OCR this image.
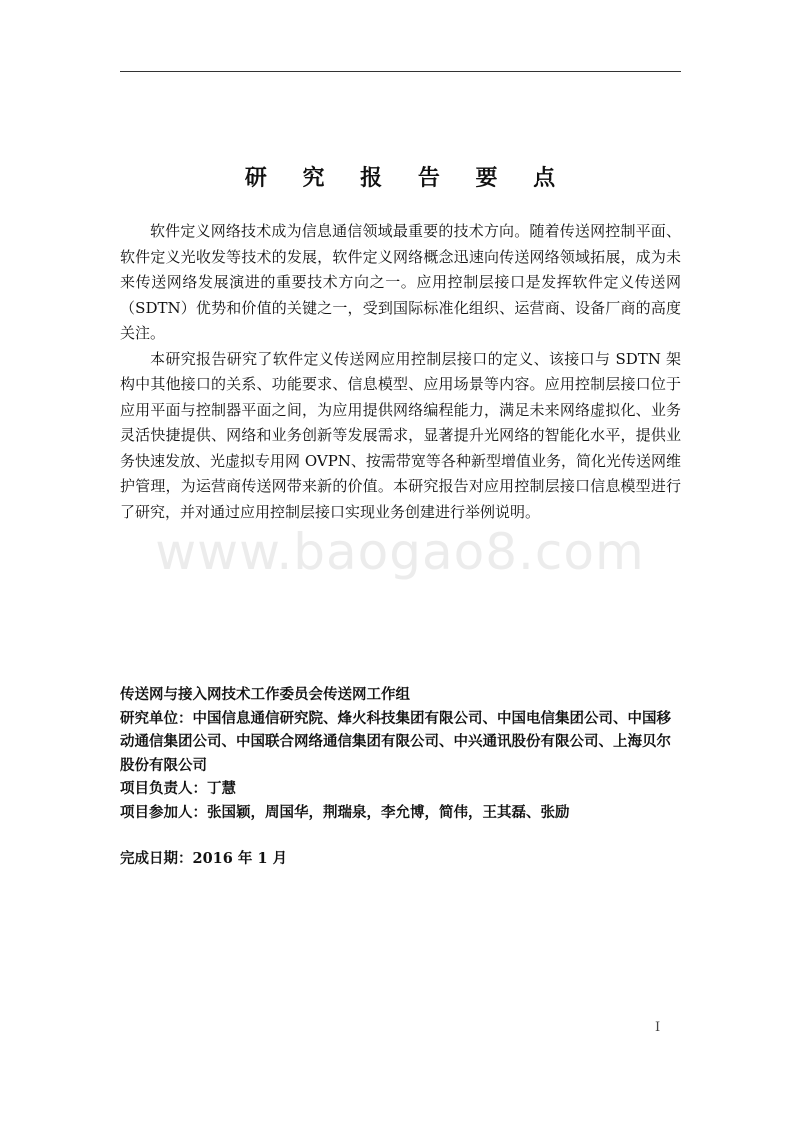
研 究 报 告 要 点

软件定义网络技术成为信息通信领域最重要的技术方向。随着传送网控制平面、软件定义光收发等技术的发展，软件定义网络概念迅速向传送网络领域拓展，成为未来传送网络发展演进的重要技术方向之一。应用控制层接口是发挥软件定义传送网（SDTN）优势和价值的关键之一，受到国际标准化组织、运营商、设备厂商的高度关注。

本研究报告研究了软件定义传送网应用控制层接口的定义、该接口与 SDTN 架构中其他接口的关系、功能要求、信息模型、应用场景等内容。应用控制层接口位于应用平面与控制器平面之间，为应用提供网络编程能力，满足未来网络虚拟化、业务灵活快捷提供、网络和业务创新等发展需求，显著提升光网络的智能化水平，提供业务快速发放、光虚拟专用网 OVPN、按需带宽等各种新型增值业务，简化光传送网维护管理，为运营商传送网带来新的价值。本研究报告对应用控制层接口信息模型进行了研究，并对通过应用控制层接口实现业务创建进行举例说明。

www.baogao8.com
传送网与接入网技术工作委员会传送网工作组
研究单位：中国信息通信研究院、烽火科技集团有限公司、中国电信集团公司、中国移动通信集团公司、中国联合网络通信集团有限公司、中兴通讯股份有限公司、上海贝尔股份有限公司
项目负责人：丁慧
项目参加人：张国颖，周国华，荆瑞泉，李允博，简伟，王其磊、张励
完成日期：2016 年 1 月
I
